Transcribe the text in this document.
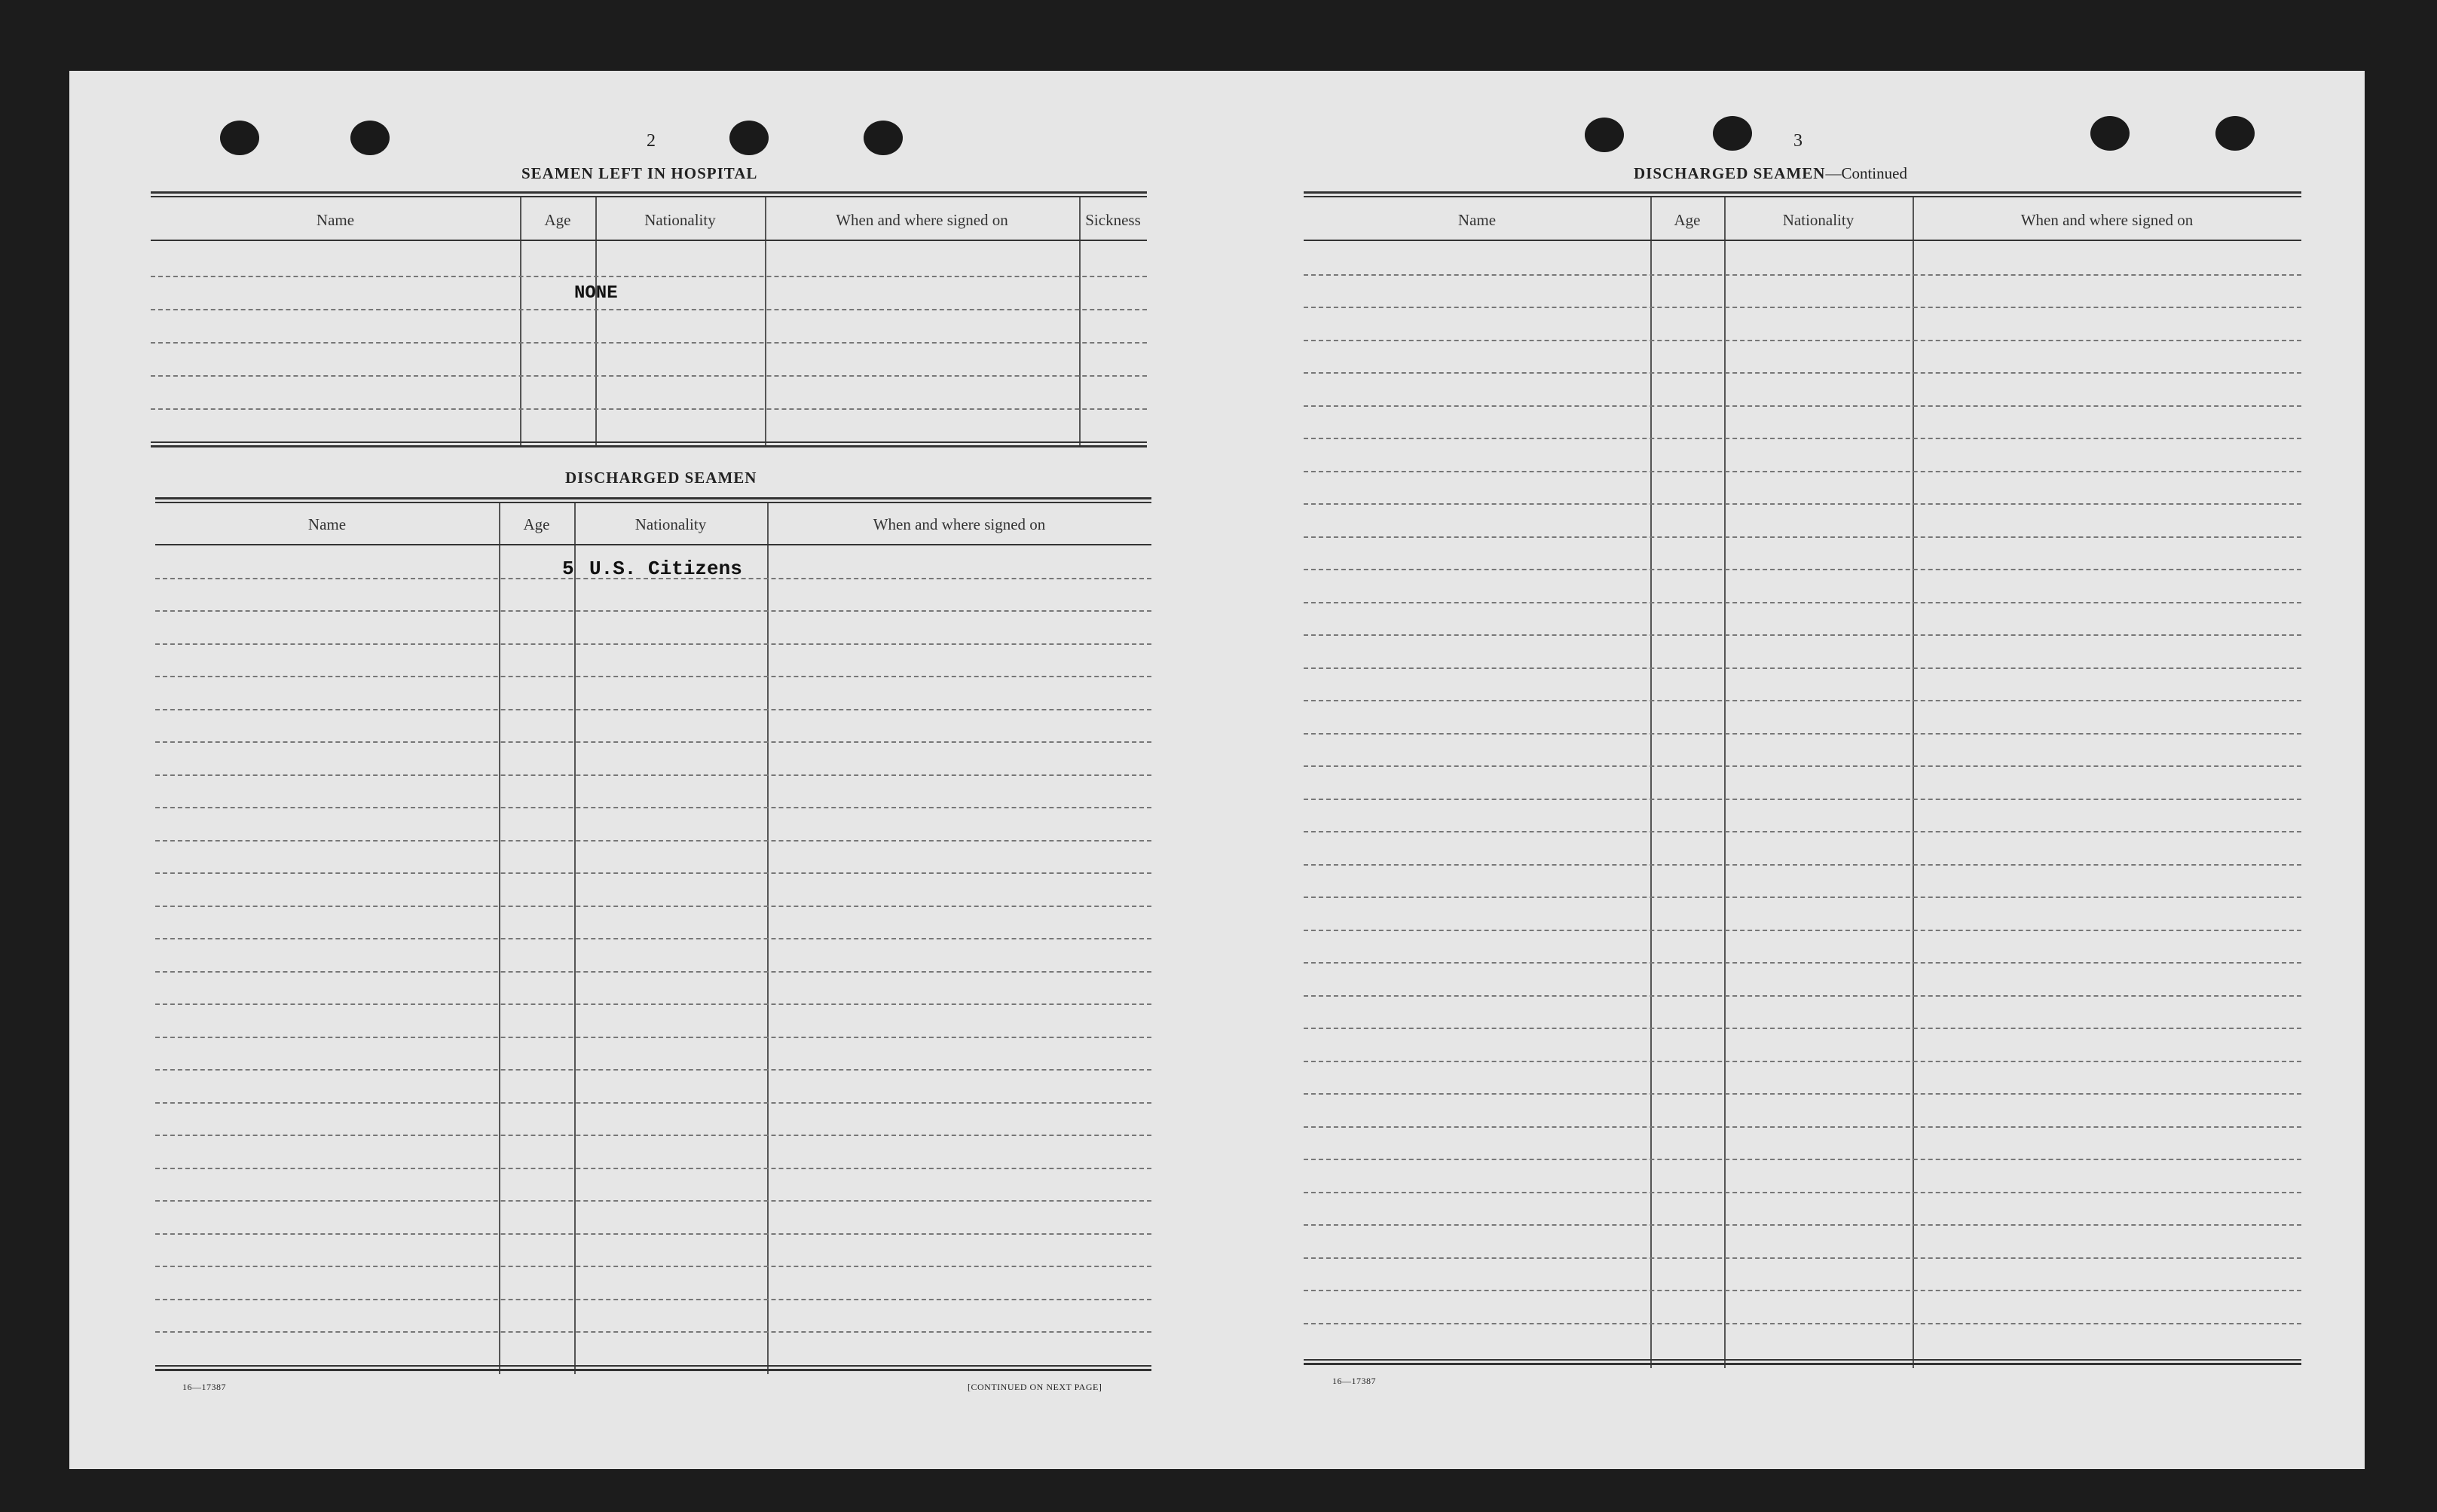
2
SEAMEN LEFT IN HOSPITAL
Name	Age	Nationality	When and where signed on	Sickness
NONE
DISCHARGED SEAMEN
Name	Age	Nationality	When and where signed on
5 U.S. Citizens
16—17387	[CONTINUED ON NEXT PAGE]
3
DISCHARGED SEAMEN—Continued
Name	Age	Nationality	When and where signed on
16—17387
